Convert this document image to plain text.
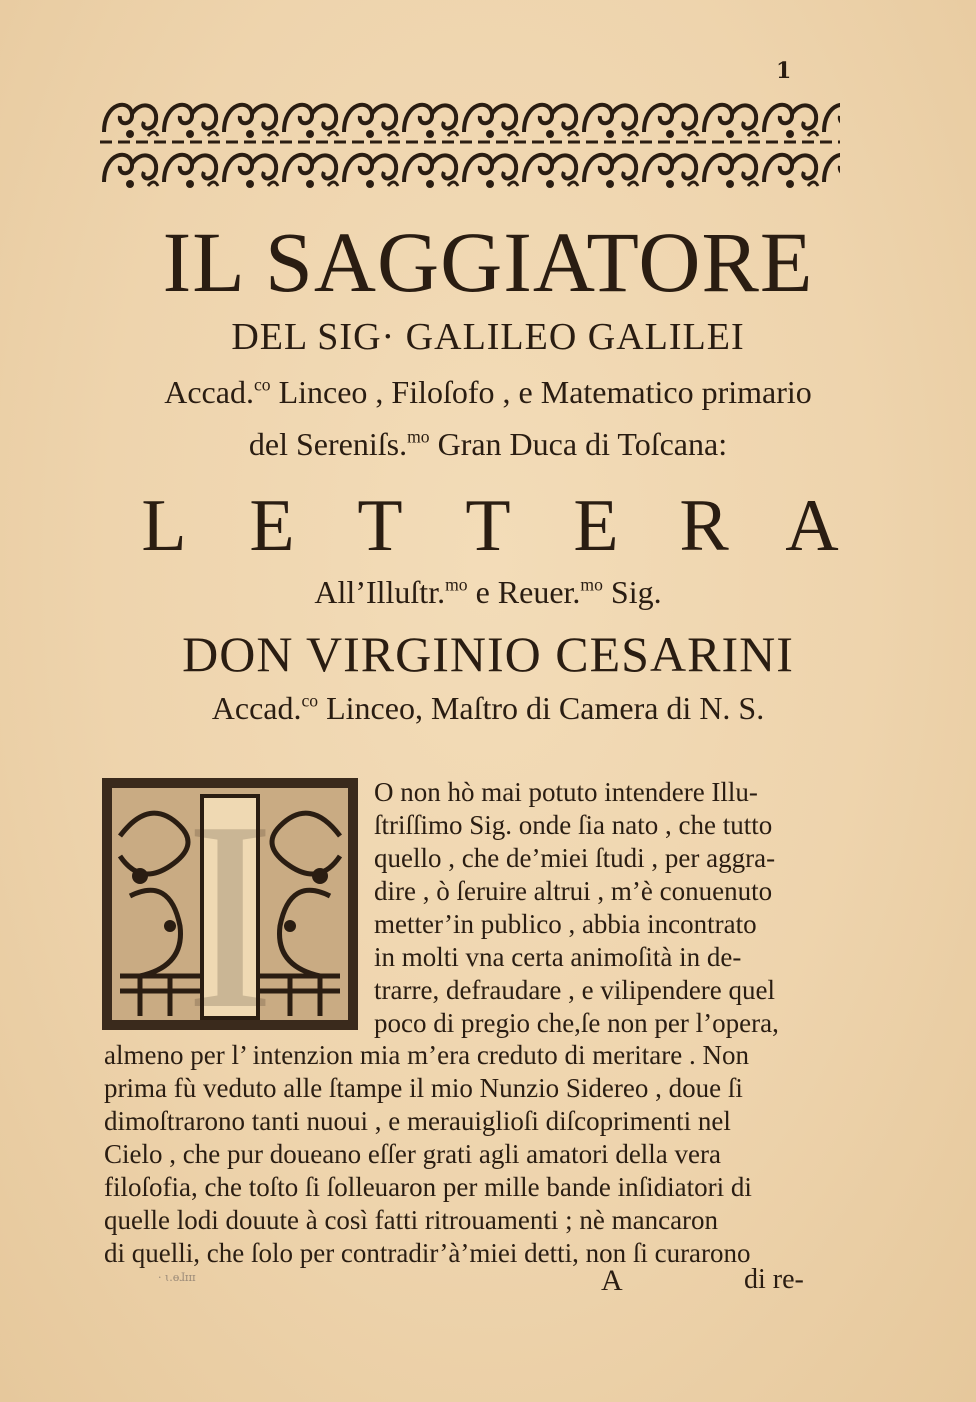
1
IL SAGGIATORE
DEL SIG· GALILEO GALILEI
Accad.$^{co}$ Linceo , Filoſofo , e Matematico primario
del Sereniſs.$^{mo}$ Gran Duca di Toſcana:
L E T T E R A
All’Illuſtr.$^{mo}$ e Reuer.$^{mo}$ Sig.
DON VIRGINIO CESARINI
Accad.$^{co}$ Linceo, Maſtro di Camera di N. S.
I	O non hò mai potuto intendere Illu-
ſtriſſimo Sig. onde ſia nato , che tutto
quello , che de’miei ſtudi , per aggra-
dire , ò ſeruire altrui , m’è conuenuto
metter’in publico , abbia incontrato
in molti vna certa animoſità in de-
trarre, defraudare , e vilipendere quel
poco di pregio che,ſe non per l’opera,
almeno per l’ intenzion mia m’era creduto di meritare . Non
prima fù veduto alle ſtampe il mio Nunzio Sidereo , doue ſi
dimoſtrarono tanti nuoui , e merauiglioſi diſcoprimenti nel
Cielo , che pur doueano eſſer grati agli amatori della vera
filoſofia, che toſto ſi ſolleuaron per mille bande inſidiatori di
quelle lodi douute à così fatti ritrouamenti ; nè mancaron
di quelli, che ſolo per contradir’à’miei detti, non ſi curarono
· ɩ.ɵɺɪɪɪ	A	di re-
